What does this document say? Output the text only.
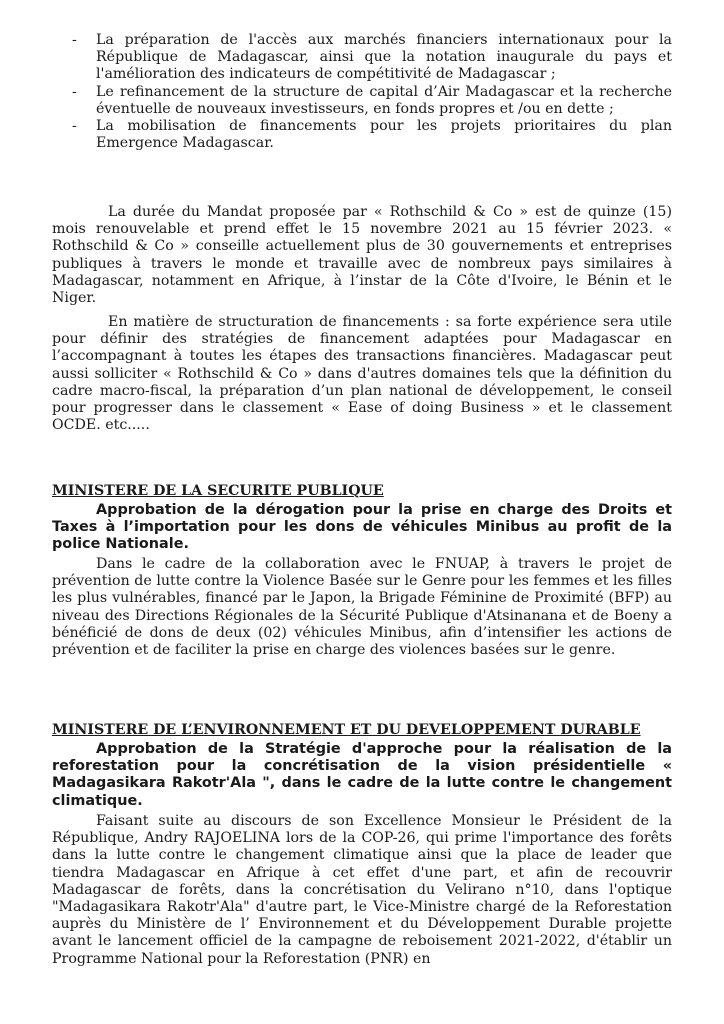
- La préparation de l'accès aux marchés financiers internationaux pour la République de Madagascar, ainsi que la notation inaugurale du pays et l'amélioration des indicateurs de compétitivité de Madagascar ;
- Le refinancement de la structure de capital d’Air Madagascar et la recherche éventuelle de nouveaux investisseurs, en fonds propres et /ou en dette ;
- La mobilisation de financements pour les projets prioritaires du plan Emergence Madagascar.

La durée du Mandat proposée par « Rothschild & Co » est de quinze (15) mois renouvelable et prend effet le 15 novembre 2021 au 15 février 2023. « Rothschild & Co » conseille actuellement plus de 30 gouvernements et entreprises publiques à travers le monde et travaille avec de nombreux pays similaires à Madagascar, notamment en Afrique, à l’instar de la Côte d'Ivoire, le Bénin et le Niger.

En matière de structuration de financements : sa forte expérience sera utile pour définir des stratégies de financement adaptées pour Madagascar en l’accompagnant à toutes les étapes des transactions financières. Madagascar peut aussi solliciter « Rothschild & Co » dans d'autres domaines tels que la définition du cadre macro-fiscal, la préparation d’un plan national de développement, le conseil pour progresser dans le classement « Ease of doing Business » et le classement OCDE. etc.....

MINISTERE DE LA SECURITE PUBLIQUE

Approbation de la dérogation pour la prise en charge des Droits et Taxes à l’importation pour les dons de véhicules Minibus au profit de la police Nationale.

Dans le cadre de la collaboration avec le FNUAP, à travers le projet de prévention de lutte contre la Violence Basée sur le Genre pour les femmes et les filles les plus vulnérables, financé par le Japon, la Brigade Féminine de Proximité (BFP) au niveau des Directions Régionales de la Sécurité Publique d'Atsinanana et de Boeny a bénéficié de dons de deux (02) véhicules Minibus, afin d’intensifier les actions de prévention et de faciliter la prise en charge des violences basées sur le genre.

MINISTERE DE L’ENVIRONNEMENT ET DU DEVELOPPEMENT DURABLE

Approbation de la Stratégie d'approche pour la réalisation de la reforestation pour la concrétisation de la vision présidentielle « Madagasikara Rakotr'Ala ", dans le cadre de la lutte contre le changement climatique.

Faisant suite au discours de son Excellence Monsieur le Président de la République, Andry RAJOELINA lors de la COP-26, qui prime l'importance des forêts dans la lutte contre le changement climatique ainsi que la place de leader que tiendra Madagascar en Afrique à cet effet d'une part, et afin de recouvrir Madagascar de forêts, dans la concrétisation du Velirano n°10, dans l'optique "Madagasikara Rakotr'Ala" d'autre part, le Vice-Ministre chargé de la Reforestation auprès du Ministère de l’ Environnement et du Développement Durable projette avant le lancement officiel de la campagne de reboisement 2021-2022, d'établir un Programme National pour la Reforestation (PNR) en
